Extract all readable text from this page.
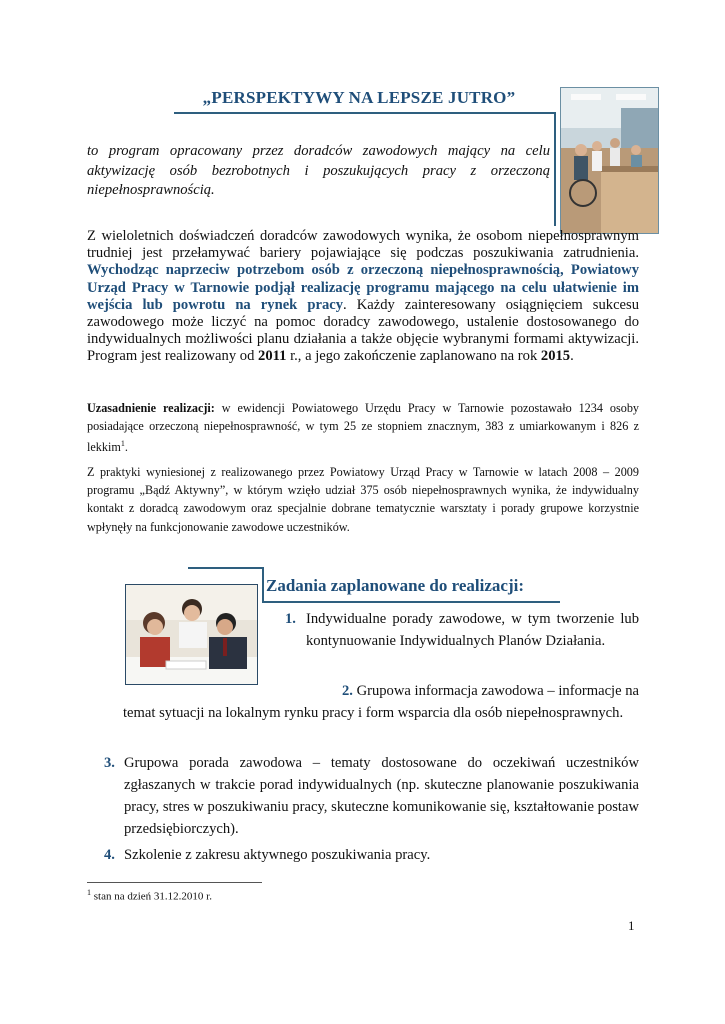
„PERSPEKTYWY NA LEPSZE JUTRO”
to program opracowany przez doradców zawodowych mający na celu aktywizację osób bezrobotnych i poszukujących pracy z orzeczoną niepełnosprawnością.
Z wieloletnich doświadczeń doradców zawodowych wynika, że osobom niepełnosprawnym trudniej jest przełamywać bariery pojawiające się podczas poszukiwania zatrudnienia. Wychodząc naprzeciw potrzebom osób z orzeczoną niepełnosprawnością, Powiatowy Urząd Pracy w Tarnowie podjął realizację programu mającego na celu ułatwienie im wejścia lub powrotu na rynek pracy. Każdy zainteresowany osiągnięciem sukcesu zawodowego może liczyć na pomoc doradcy zawodowego, ustalenie dostosowanego do indywidualnych możliwości planu działania a także objęcie wybranymi formami aktywizacji. Program jest realizowany od 2011 r., a jego zakończenie zaplanowano na rok 2015.
Uzasadnienie realizacji: w ewidencji Powiatowego Urzędu Pracy w Tarnowie pozostawało 1234 osoby posiadające orzeczoną niepełnosprawność, w tym 25 ze stopniem znacznym, 383 z umiarkowanym i 826 z lekkim$^1$.
Z praktyki wyniesionej z realizowanego przez Powiatowy Urząd Pracy w Tarnowie w latach 2008 – 2009 programu „Bądź Aktywny”, w którym wzięło udział 375 osób niepełnosprawnych wynika, że indywidualny kontakt z doradcą zawodowym oraz specjalnie dobrane tematycznie warsztaty i porady grupowe korzystnie wpłynęły na funkcjonowanie zawodowe uczestników.
Zadania zaplanowane do realizacji:
1. Indywidualne porady zawodowe, w tym tworzenie lub kontynuowanie Indywidualnych Planów Działania.
2. Grupowa informacja zawodowa – informacje na
temat sytuacji na lokalnym rynku pracy i form wsparcia dla osób niepełnosprawnych.
3. Grupowa porada zawodowa – tematy dostosowane do oczekiwań uczestników zgłaszanych w trakcie porad indywidualnych (np. skuteczne planowanie poszukiwania pracy, stres w poszukiwaniu pracy, skuteczne komunikowanie się, kształtowanie postaw przedsiębiorczych).
4. Szkolenie z zakresu aktywnego poszukiwania pracy.
$^1$ stan na dzień 31.12.2010 r.
1
